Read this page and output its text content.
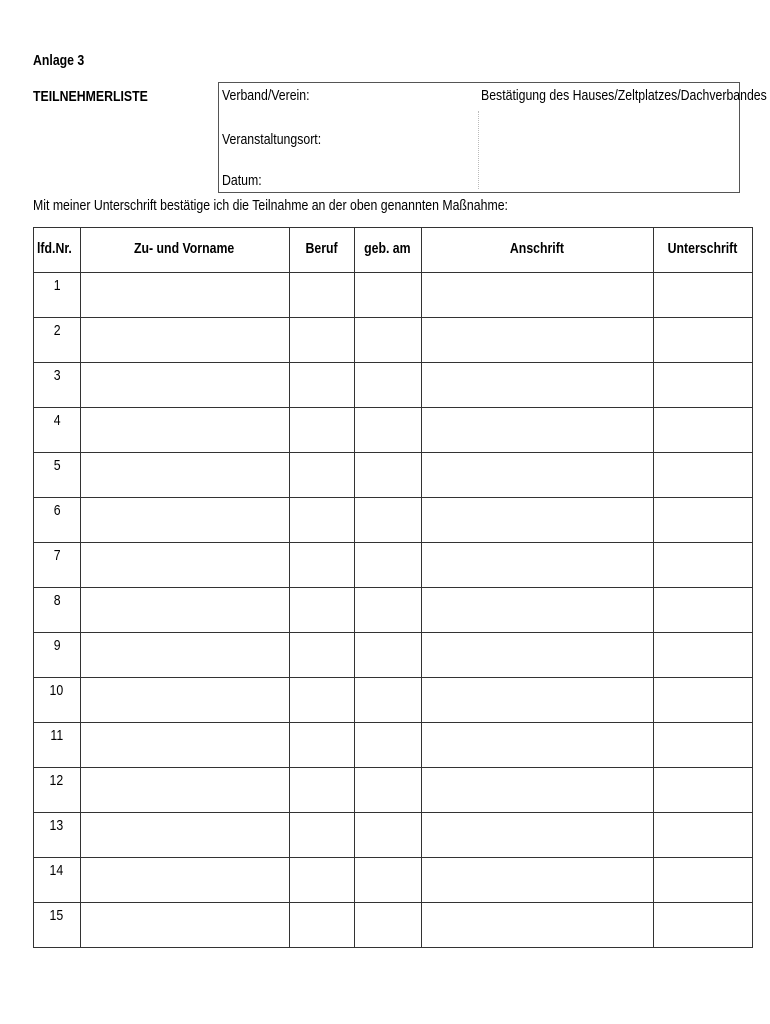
Anlage 3
TEILNEHMERLISTE	Verband/Verein:
Veranstaltungsort:
Datum:
Bestätigung des Hauses/Zeltplatzes/Dachverbandes
Mit meiner Unterschrift bestätige ich die Teilnahme an der oben genannten Maßnahme:
lfd.Nr.	Zu- und Vorname	Beruf	geb. am	Anschrift	Unterschrift
1					
2					
3					
4					
5					
6					
7					
8					
9					
10					
11					
12					
13					
14					
15					
